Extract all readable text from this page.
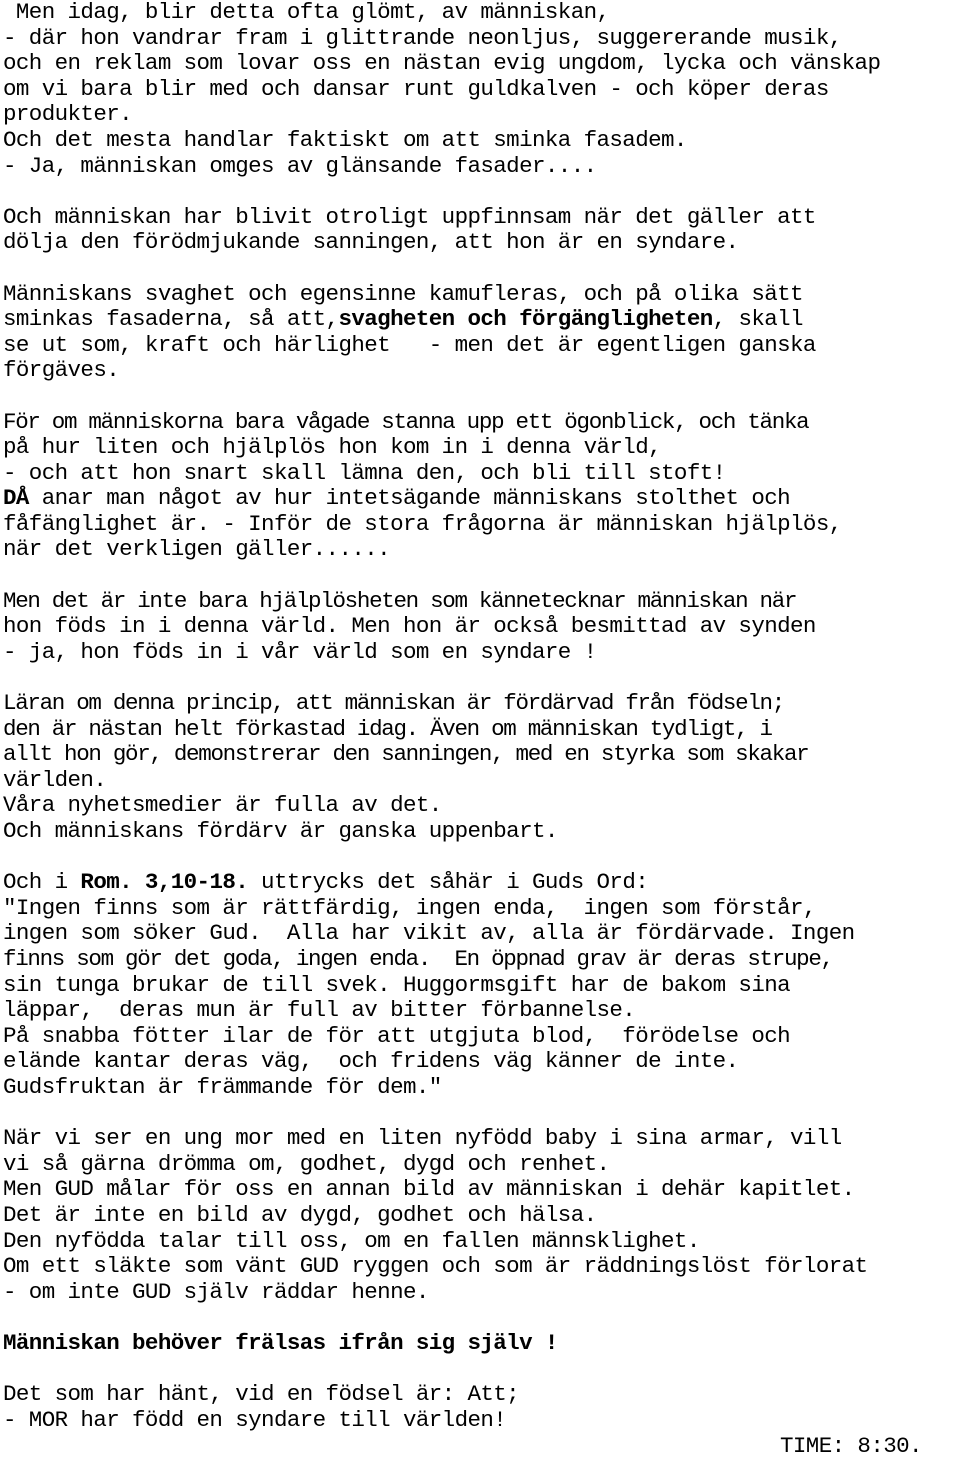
Men idag, blir detta ofta glömt, av människan,
- där hon vandrar fram i glittrande neonljus, suggererande musik,
och en reklam som lovar oss en nästan evig ungdom, lycka och vänskap
om vi bara blir med och dansar runt guldkalven - och köper deras
produkter.
Och det mesta handlar faktiskt om att sminka fasadem.
- Ja, människan omges av glänsande fasader....
Och människan har blivit otroligt uppfinnsam när det gäller att
dölja den förödmjukande sanningen, att hon är en syndare.
Människans svaghet och egensinne kamufleras, och på olika sätt
sminkas fasaderna, så att,svagheten och förgängligheten, skall
se ut som, kraft och härlighet   - men det är egentligen ganska
förgäves.
För om människorna bara vågade stanna upp ett ögonblick, och tänka
på hur liten och hjälplös hon kom in i denna värld,
- och att hon snart skall lämna den, och bli till stoft!
DÅ anar man något av hur intetsägande människans stolthet och
fåfänglighet är. - Inför de stora frågorna är människan hjälplös,
när det verkligen gäller......
Men det är inte bara hjälplösheten som kännetecknar människan när
hon föds in i denna värld. Men hon är också besmittad av synden
- ja, hon föds in i vår värld som en syndare !
Läran om denna princip, att människan är fördärvad från födseln;
den är nästan helt förkastad idag. Även om människan tydligt, i
allt hon gör, demonstrerar den sanningen, med en styrka som skakar
världen.
Våra nyhetsmedier är fulla av det.
Och människans fördärv är ganska uppenbart.
Och i Rom. 3,10-18. uttrycks det såhär i Guds Ord:
"Ingen finns som är rättfärdig, ingen enda,  ingen som förstår,
ingen som söker Gud.  Alla har vikit av, alla är fördärvade. Ingen
finns som gör det goda, ingen enda.  En öppnad grav är deras strupe,
sin tunga brukar de till svek. Huggormsgift har de bakom sina
läppar,  deras mun är full av bitter förbannelse.
På snabba fötter ilar de för att utgjuta blod,  förödelse och
elände kantar deras väg,  och fridens väg känner de inte.
Gudsfruktan är främmande för dem."
När vi ser en ung mor med en liten nyfödd baby i sina armar, vill
vi så gärna drömma om, godhet, dygd och renhet.
Men GUD målar för oss en annan bild av människan i dehär kapitlet.
Det är inte en bild av dygd, godhet och hälsa.
Den nyfödda talar till oss, om en fallen männsklighet.
Om ett släkte som vänt GUD ryggen och som är räddningslöst förlorat
- om inte GUD själv räddar henne.
Människan behöver frälsas ifrån sig själv !
Det som har hänt, vid en födsel är: Att;
- MOR har född en syndare till världen!
TIME: 8:30.
